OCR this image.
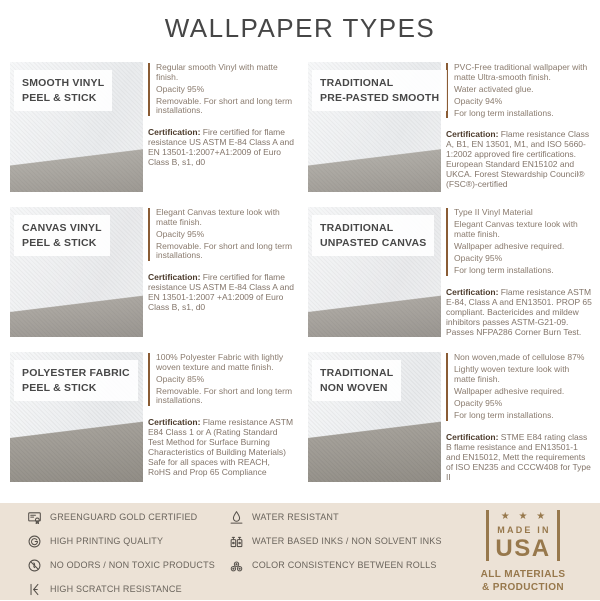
WALLPAPER TYPES
SMOOTH VINYL
PEEL & STICK

Regular smooth Vinyl with matte finish.

Opacity 95%

Removable. For short and long term installations.

Certification: Fire certified for flame resistance US ASTM E-84 Class A and EN 13501-1:2007+A1:2009 of Euro Class B, s1, d0

TRADITIONAL
PRE-PASTED SMOOTH

PVC-Free traditional wallpaper with matte Ultra-smooth finish.

Water activated glue.

Opacity 94%

For long term installations.

Certification: Flame resistance Class A, B1, EN 13501, M1, and ISO 5660-1:2002 approved fire certifications. European Standard EN15102 and UKCA. Forest Stewardship Council® (FSC®)-certified

CANVAS VINYL
PEEL & STICK

Elegant Canvas texture look with matte finish.

Opacity 95%

Removable. For short and long term installations.

Certification: Fire certified for flame resistance US ASTM E-84 Class A and EN 13501-1:2007 +A1:2009 of Euro Class B, s1, d0

TRADITIONAL
UNPASTED CANVAS

Type II Vinyl Material

Elegant Canvas texture look with matte finish.

Wallpaper adhesive required.

Opacity 95%

For long term installations.

Certification: Flame resistance ASTM E-84, Class A and EN13501. PROP 65 compliant. Bactericides and mildew inhibitors passes ASTM-G21-09. Passes NFPA286 Corner Burn Test.

POLYESTER FABRIC
PEEL & STICK

100% Polyester Fabric with lightly woven texture and matte finish.

Opacity 85%

Removable. For short and long term installations.

Certification: Flame resistance ASTM E84 Class 1 or A (Rating Standard Test Method for Surface Burning Characteristics of Building Materials) Safe for all spaces with REACH, RoHS and Prop 65 Compliance

TRADITIONAL
NON WOVEN

Non woven,made of cellulose 87%

Lightly woven texture look with matte finish.

Wallpaper adhesive required.

Opacity 95%

For long term installations.

Certification: STME E84 rating class B flame resistance and EN13501-1 and EN15012, Mett the requirements of ISO EN235 and CCCW408 for Type II

GREENGUARD GOLD CERTIFIED
HIGH PRINTING QUALITY
NO ODORS / NON TOXIC PRODUCTS
HIGH SCRATCH RESISTANCE
WATER RESISTANT
WATER BASED INKS / NON SOLVENT INKS
COLOR CONSISTENCY BETWEEN ROLLS
★ ★ ★
MADE IN
USA
ALL MATERIALS
& PRODUCTION
